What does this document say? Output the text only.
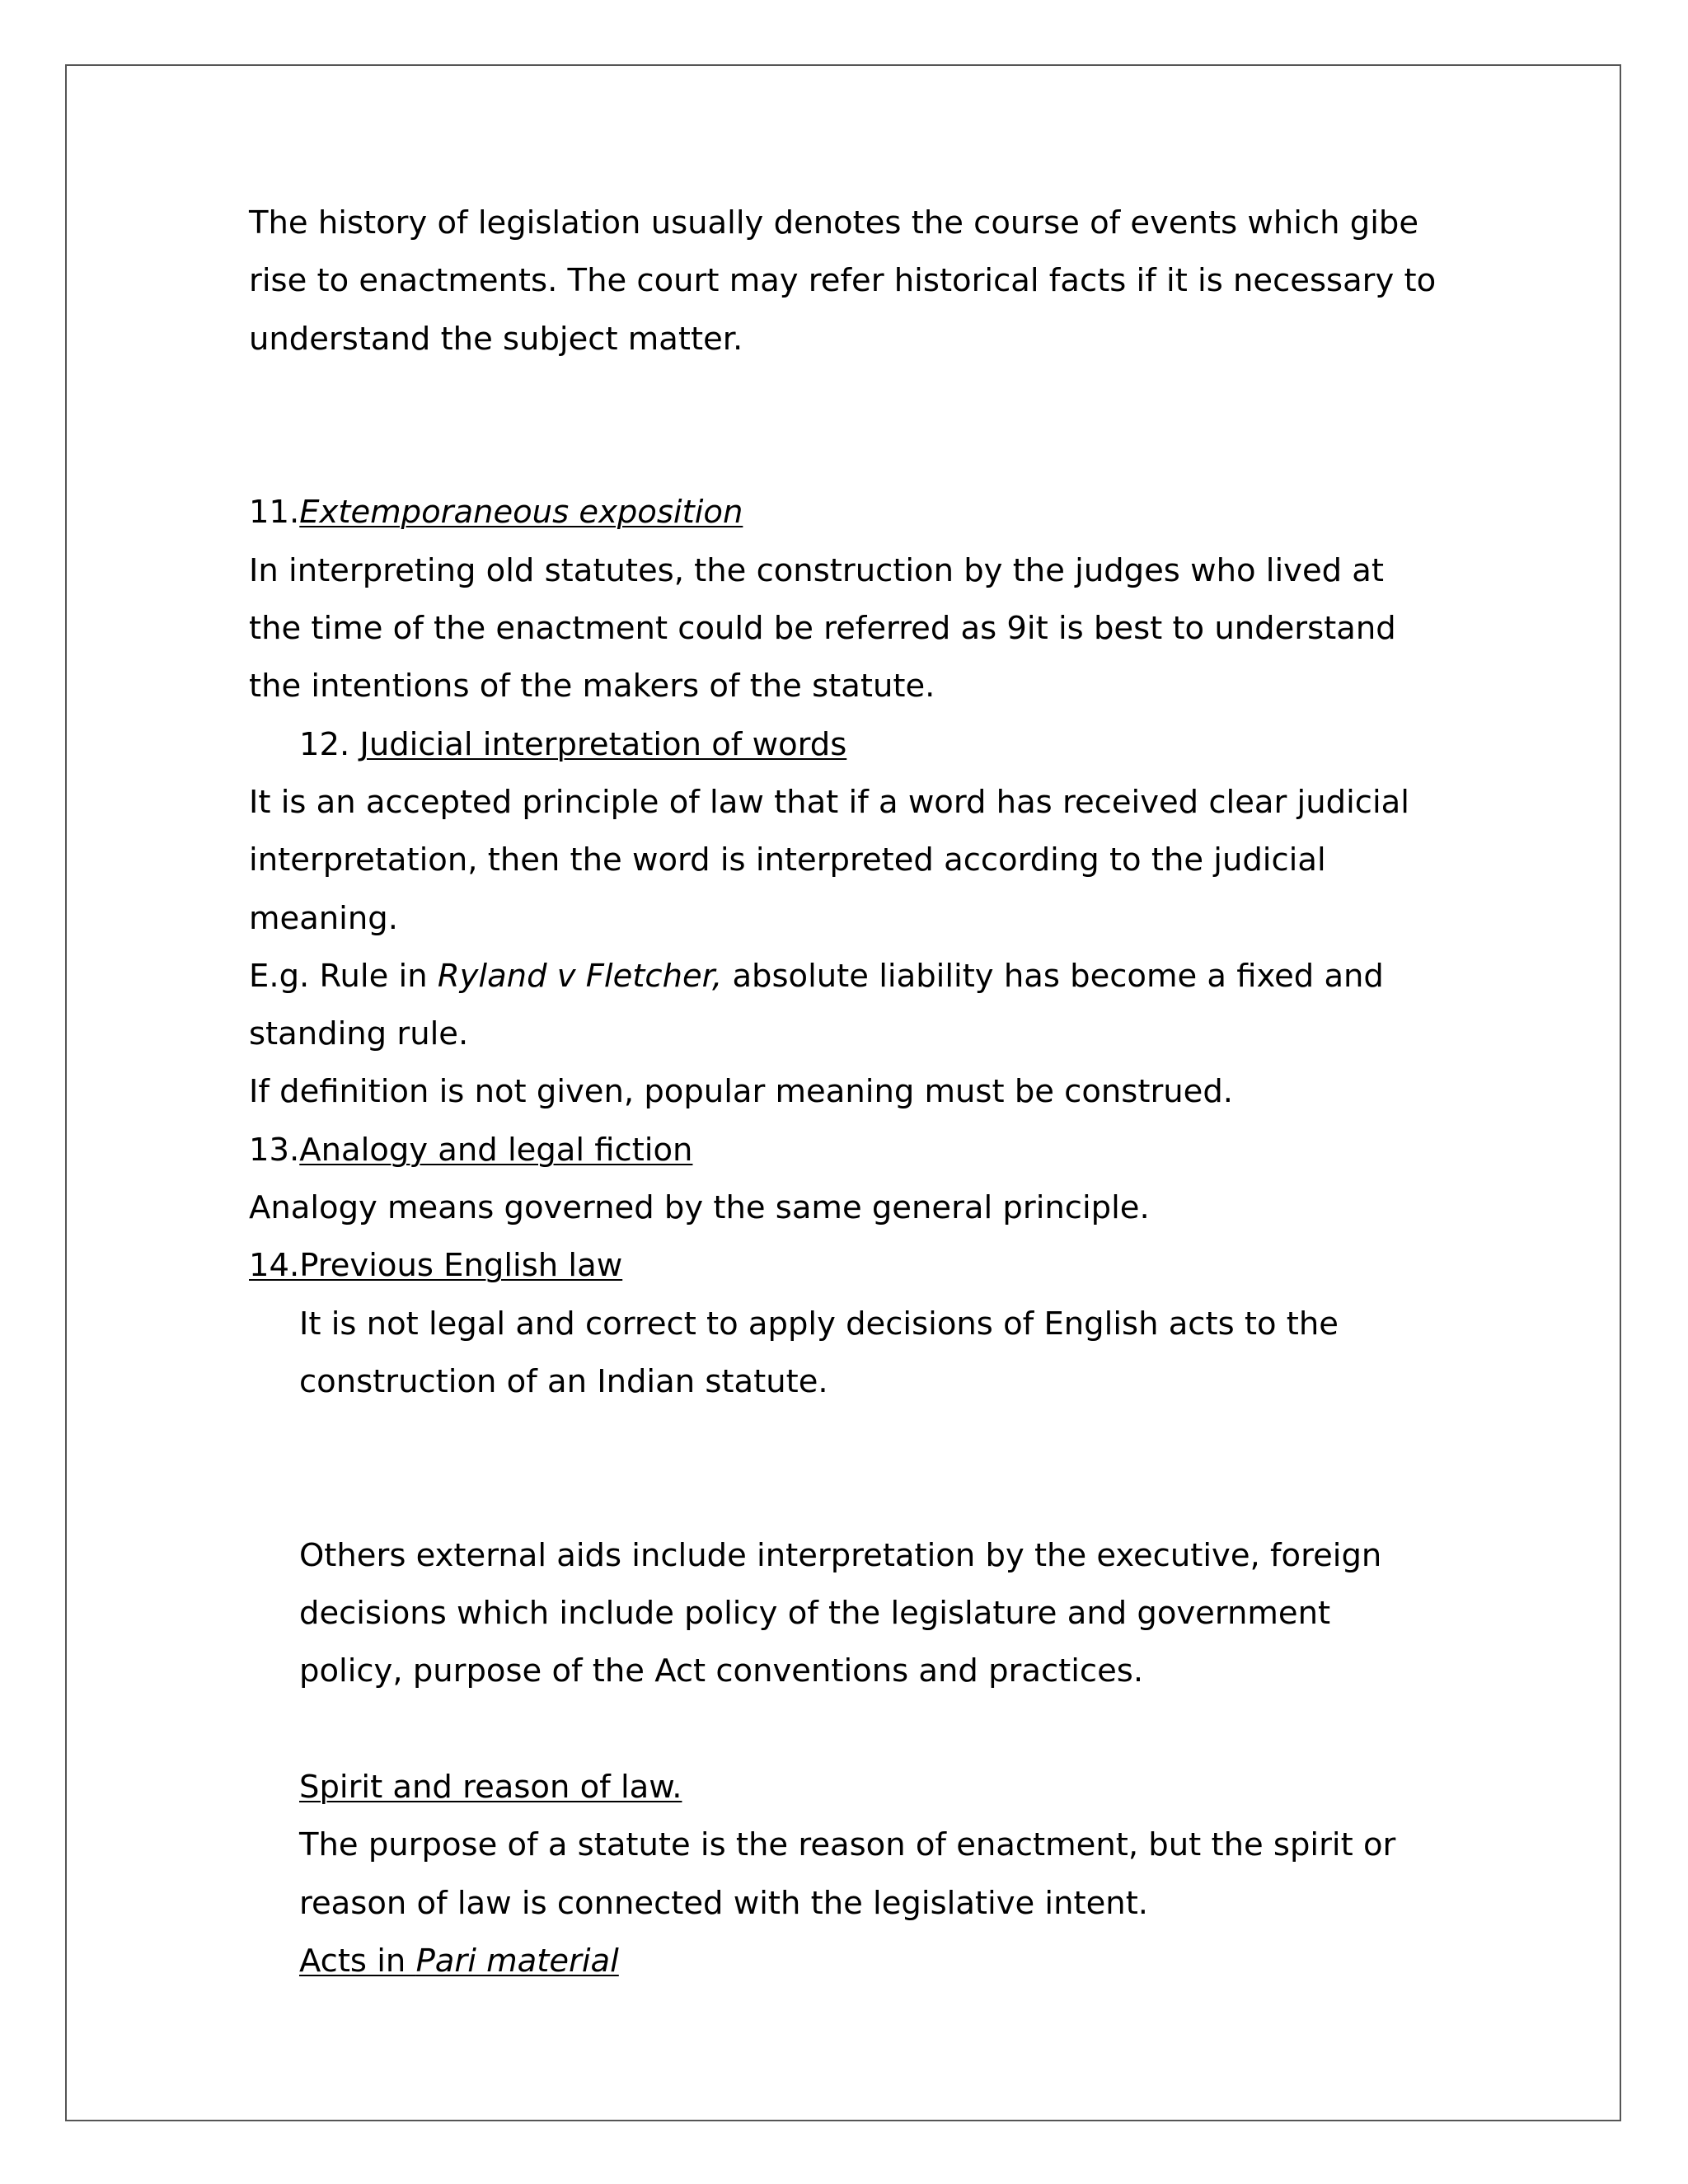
The history of legislation usually denotes the course of events which gibe rise to enactments. The court may refer historical facts if it is necessary to understand the subject matter.

11.Extemporaneous exposition

In interpreting old statutes, the construction by the judges who lived at the time of the enactment could be referred as 9it is best to understand the intentions of the makers of the statute.

12. Judicial interpretation of words

It is an accepted principle of law that if a word has received clear judicial interpretation, then the word is interpreted according to the judicial meaning.

E.g. Rule in Ryland v Fletcher, absolute liability has become a fixed and standing rule.

If definition is not given, popular meaning must be construed.

13.Analogy and legal fiction

Analogy means governed by the same general principle.

14.Previous English law

It is not legal and correct to apply decisions of English acts to the construction of an Indian statute.

Others external aids include interpretation by the executive, foreign decisions which include policy of the legislature and government policy, purpose of the Act conventions and practices.

Spirit and reason of law.

The purpose of a statute is the reason of enactment, but the spirit or reason of law is connected with the legislative intent.

Acts in Pari material
